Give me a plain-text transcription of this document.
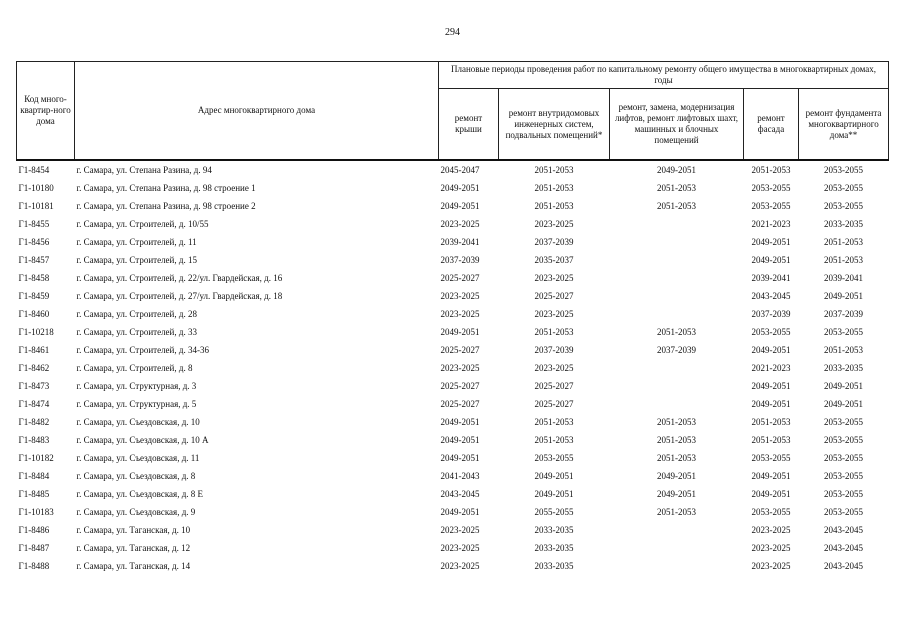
294
Код много-квартир-ного дома	Адрес многоквартирного дома	Плановые периоды проведения работ по капитальному ремонту общего имущества в многоквартирных домах, годы				
		ремонт крыши	ремонт внутридомовых инженерных систем, подвальных помещений*	ремонт, замена, модернизация лифтов, ремонт лифтовых шахт, машинных и блочных помещений	ремонт фасада	ремонт фундамента многоквартирного дома**
Г1-8454	г. Самара, ул. Степана Разина, д. 94	2045-2047	2051-2053	2049-2051	2051-2053	2053-2055
Г1-10180	г. Самара, ул. Степана Разина, д. 98 строение 1	2049-2051	2051-2053	2051-2053	2053-2055	2053-2055
Г1-10181	г. Самара, ул. Степана Разина, д. 98 строение 2	2049-2051	2051-2053	2051-2053	2053-2055	2053-2055
Г1-8455	г. Самара, ул. Строителей, д. 10/55	2023-2025	2023-2025		2021-2023	2033-2035
Г1-8456	г. Самара, ул. Строителей, д. 11	2039-2041	2037-2039		2049-2051	2051-2053
Г1-8457	г. Самара, ул. Строителей, д. 15	2037-2039	2035-2037		2049-2051	2051-2053
Г1-8458	г. Самара, ул. Строителей, д. 22/ул. Гвардейская, д. 16	2025-2027	2023-2025		2039-2041	2039-2041
Г1-8459	г. Самара, ул. Строителей, д. 27/ул. Гвардейская, д. 18	2023-2025	2025-2027		2043-2045	2049-2051
Г1-8460	г. Самара, ул. Строителей, д. 28	2023-2025	2023-2025		2037-2039	2037-2039
Г1-10218	г. Самара, ул. Строителей, д. 33	2049-2051	2051-2053	2051-2053	2053-2055	2053-2055
Г1-8461	г. Самара, ул. Строителей, д. 34-36	2025-2027	2037-2039	2037-2039	2049-2051	2051-2053
Г1-8462	г. Самара, ул. Строителей, д. 8	2023-2025	2023-2025		2021-2023	2033-2035
Г1-8473	г. Самара, ул. Структурная, д. 3	2025-2027	2025-2027		2049-2051	2049-2051
Г1-8474	г. Самара, ул. Структурная, д. 5	2025-2027	2025-2027		2049-2051	2049-2051
Г1-8482	г. Самара, ул. Съездовская, д. 10	2049-2051	2051-2053	2051-2053	2051-2053	2053-2055
Г1-8483	г. Самара, ул. Съездовская, д. 10 А	2049-2051	2051-2053	2051-2053	2051-2053	2053-2055
Г1-10182	г. Самара, ул. Съездовская, д. 11	2049-2051	2053-2055	2051-2053	2053-2055	2053-2055
Г1-8484	г. Самара, ул. Съездовская, д. 8	2041-2043	2049-2051	2049-2051	2049-2051	2053-2055
Г1-8485	г. Самара, ул. Съездовская, д. 8 Е	2043-2045	2049-2051	2049-2051	2049-2051	2053-2055
Г1-10183	г. Самара, ул. Съездовская, д. 9	2049-2051	2055-2055	2051-2053	2053-2055	2053-2055
Г1-8486	г. Самара, ул. Таганская, д. 10	2023-2025	2033-2035		2023-2025	2043-2045
Г1-8487	г. Самара, ул. Таганская, д. 12	2023-2025	2033-2035		2023-2025	2043-2045
Г1-8488	г. Самара, ул. Таганская, д. 14	2023-2025	2033-2035		2023-2025	2043-2045
